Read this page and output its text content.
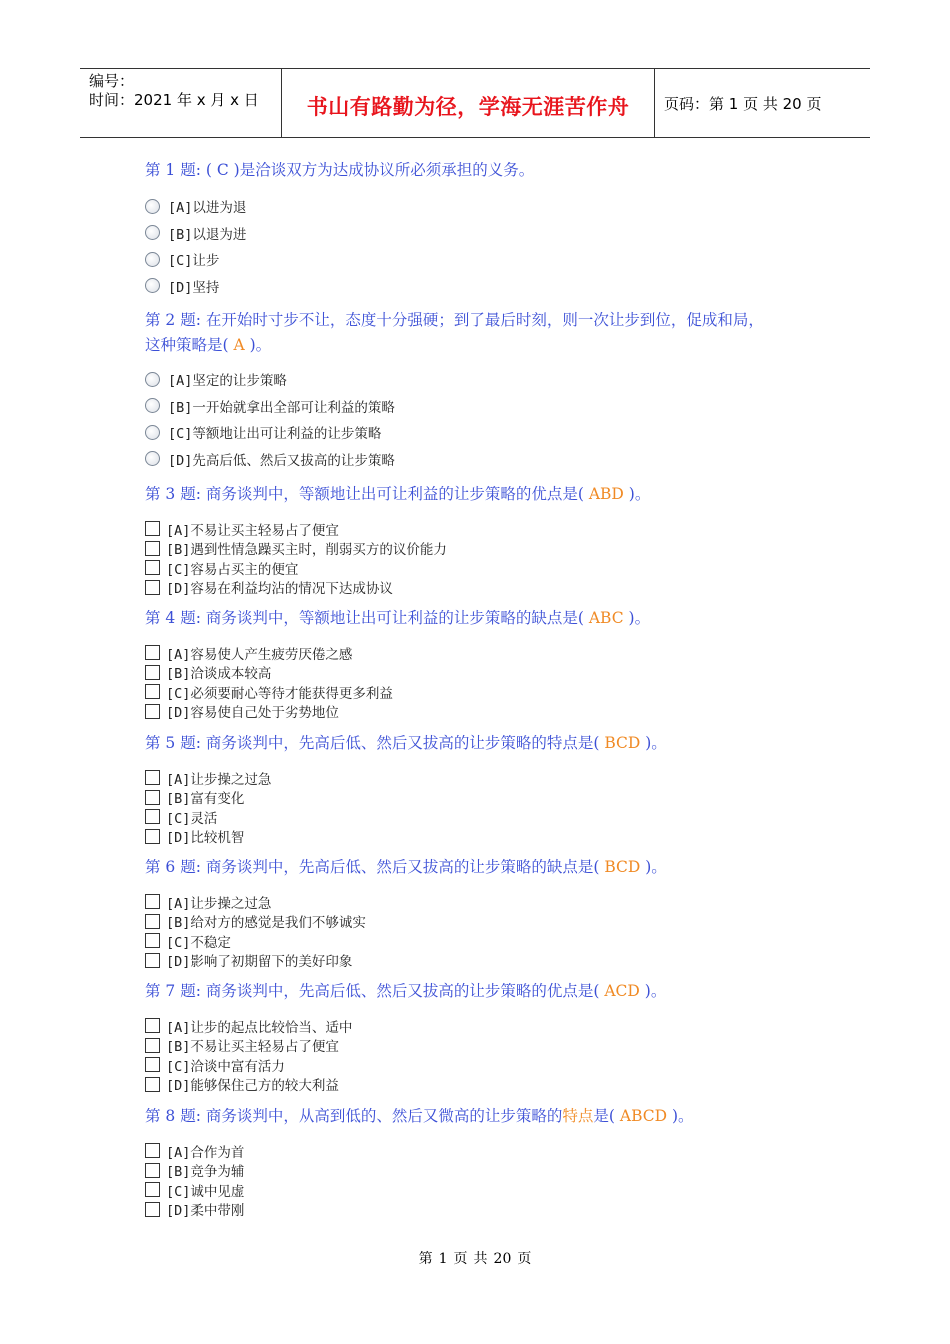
编号：
时间：2021 年 x 月 x 日	书山有路勤为径，学海无涯苦作舟	页码：第 1 页 共 20 页
第 1 题: ( C )是洽谈双方为达成协议所必须承担的义务。
[A]以进为退
[B]以退为进
[C]让步
[D]坚持
第 2 题: 在开始时寸步不让，态度十分强硬；到了最后时刻，则一次让步到位，促成和局，
这种策略是( A )。
[A]坚定的让步策略
[B]一开始就拿出全部可让利益的策略
[C]等额地让出可让利益的让步策略
[D]先高后低、然后又拔高的让步策略
第 3 题: 商务谈判中，等额地让出可让利益的让步策略的优点是( ABD )。
[A]不易让买主轻易占了便宜
[B]遇到性情急躁买主时，削弱买方的议价能力
[C]容易占买主的便宜
[D]容易在利益均沾的情况下达成协议
第 4 题: 商务谈判中，等额地让出可让利益的让步策略的缺点是( ABC )。
[A]容易使人产生疲劳厌倦之感
[B]洽谈成本较高
[C]必须要耐心等待才能获得更多利益
[D]容易使自己处于劣势地位
第 5 题: 商务谈判中，先高后低、然后又拔高的让步策略的特点是( BCD )。
[A]让步操之过急
[B]富有变化
[C]灵活
[D]比较机智
第 6 题: 商务谈判中，先高后低、然后又拔高的让步策略的缺点是( BCD )。
[A]让步操之过急
[B]给对方的感觉是我们不够诚实
[C]不稳定
[D]影响了初期留下的美好印象
第 7 题: 商务谈判中，先高后低、然后又拔高的让步策略的优点是( ACD )。
[A]让步的起点比较恰当、适中
[B]不易让买主轻易占了便宜
[C]洽谈中富有活力
[D]能够保住己方的较大利益
第 8 题: 商务谈判中，从高到低的、然后又微高的让步策略的特点是( ABCD )。
[A]合作为首
[B]竞争为辅
[C]诚中见虚
[D]柔中带刚
第 1 页 共 20 页
